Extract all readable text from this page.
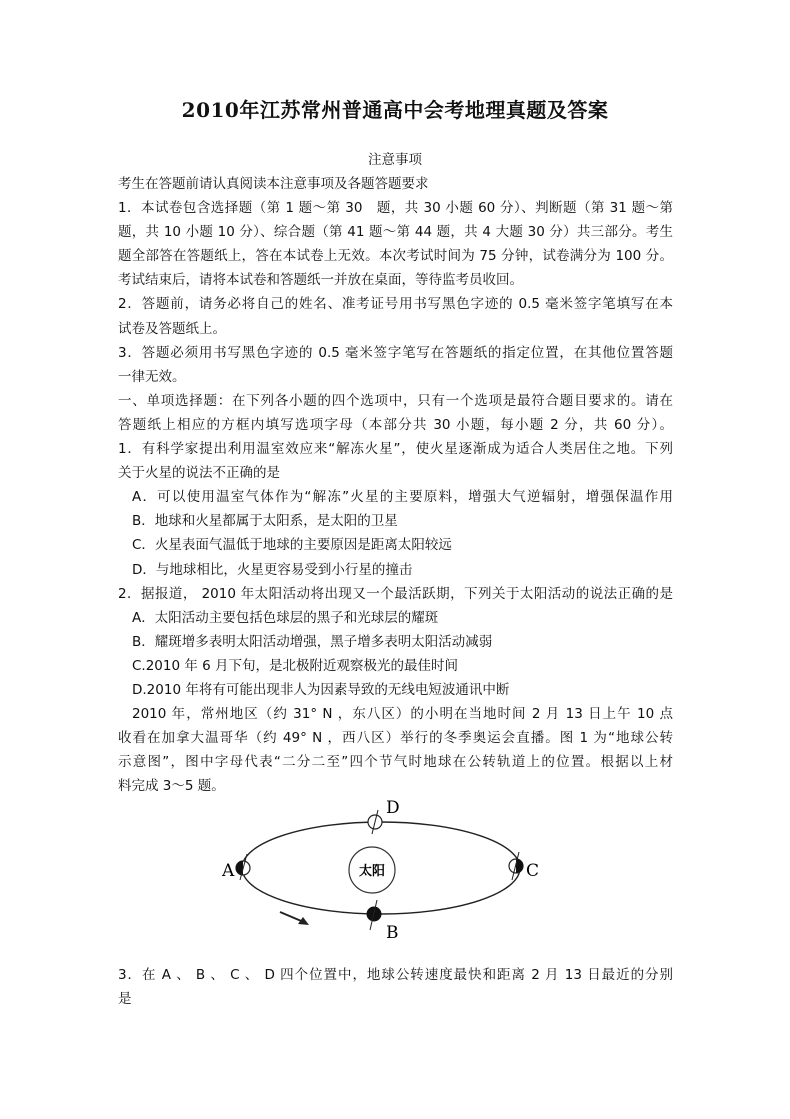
2010年江苏常州普通高中会考地理真题及答案
注意事项
考生在答题前请认真阅读本注意事项及各题答题要求
1．本试卷包含选择题（第 1 题～第 30　题，共 30 小题 60 分）、判断题（第 31 题～第
题，共 10 小题 10 分）、综合题（第 41 题～第 44 题，共 4 大题 30 分）共三部分。考生
题全部答在答题纸上，答在本试卷上无效。本次考试时间为 75 分钟，试卷满分为 100 分。
考试结束后，请将本试卷和答题纸一并放在桌面，等待监考员收回。
2．答题前，请务必将自己的姓名、准考证号用书写黑色字迹的 0.5 毫米签字笔填写在本
试卷及答题纸上。
3．答题必须用书写黑色字迹的 0.5 毫米签字笔写在答题纸的指定位置，在其他位置答题
一律无效。
一、单项选择题：在下列各小题的四个选项中，只有一个选项是最符合题目要求的。请在
答题纸上相应的方框内填写选项字母（本部分共 30 小题，每小题 2 分，共 60 分）。
1．有科学家提出利用温室效应来“解冻火星”，使火星逐渐成为适合人类居住之地。下列
关于火星的说法不正确的是
A．可以使用温室气体作为“解冻”火星的主要原料，增强大气逆辐射，增强保温作用
B．地球和火星都属于太阳系，是太阳的卫星
C．火星表面气温低于地球的主要原因是距离太阳较远
D．与地球相比，火星更容易受到小行星的撞击
2．据报道， 2010 年太阳活动将出现又一个最活跃期，下列关于太阳活动的说法正确的是
A．太阳活动主要包括色球层的黑子和光球层的耀斑
B．耀斑增多表明太阳活动增强，黑子增多表明太阳活动减弱
C.2010 年 6 月下旬，是北极附近观察极光的最佳时间
D.2010 年将有可能出现非人为因素导致的无线电短波通讯中断
2010 年，常州地区（约 31° N ，东八区）的小明在当地时间 2 月 13 日上午 10 点
收看在加拿大温哥华（约 49° N ，西八区）举行的冬季奥运会直播。图 1 为“地球公转
示意图”，图中字母代表“二分二至”四个节气时地球在公转轨道上的位置。根据以上材
料完成 3～5 题。
太阳
D
A	C
B
3．在 A 、 B 、 C 、 D 四个位置中，地球公转速度最快和距离 2 月 13 日最近的分别
是
